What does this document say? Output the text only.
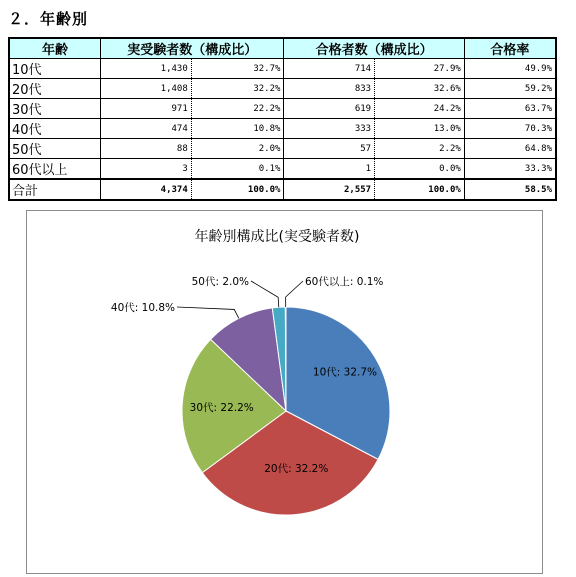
２．年齢別
年齢	実受験者数（構成比）		合格者数（構成比）		合格率
10代	1,430	32.7%	714	27.9%	49.9%
20代	1,408	32.2%	833	32.6%	59.2%
30代	971	22.2%	619	24.2%	63.7%
40代	474	10.8%	333	13.0%	70.3%
50代	88	2.0%	57	2.2%	64.8%
60代以上	3	0.1%	1	0.0%	33.3%
合計	4,374	100.0%	2,557	100.0%	58.5%
年齢別構成比(実受験者数)
10代: 32.7%
20代: 32.2%
30代: 22.2%
40代: 10.8%
50代: 2.0%	60代以上: 0.1%
